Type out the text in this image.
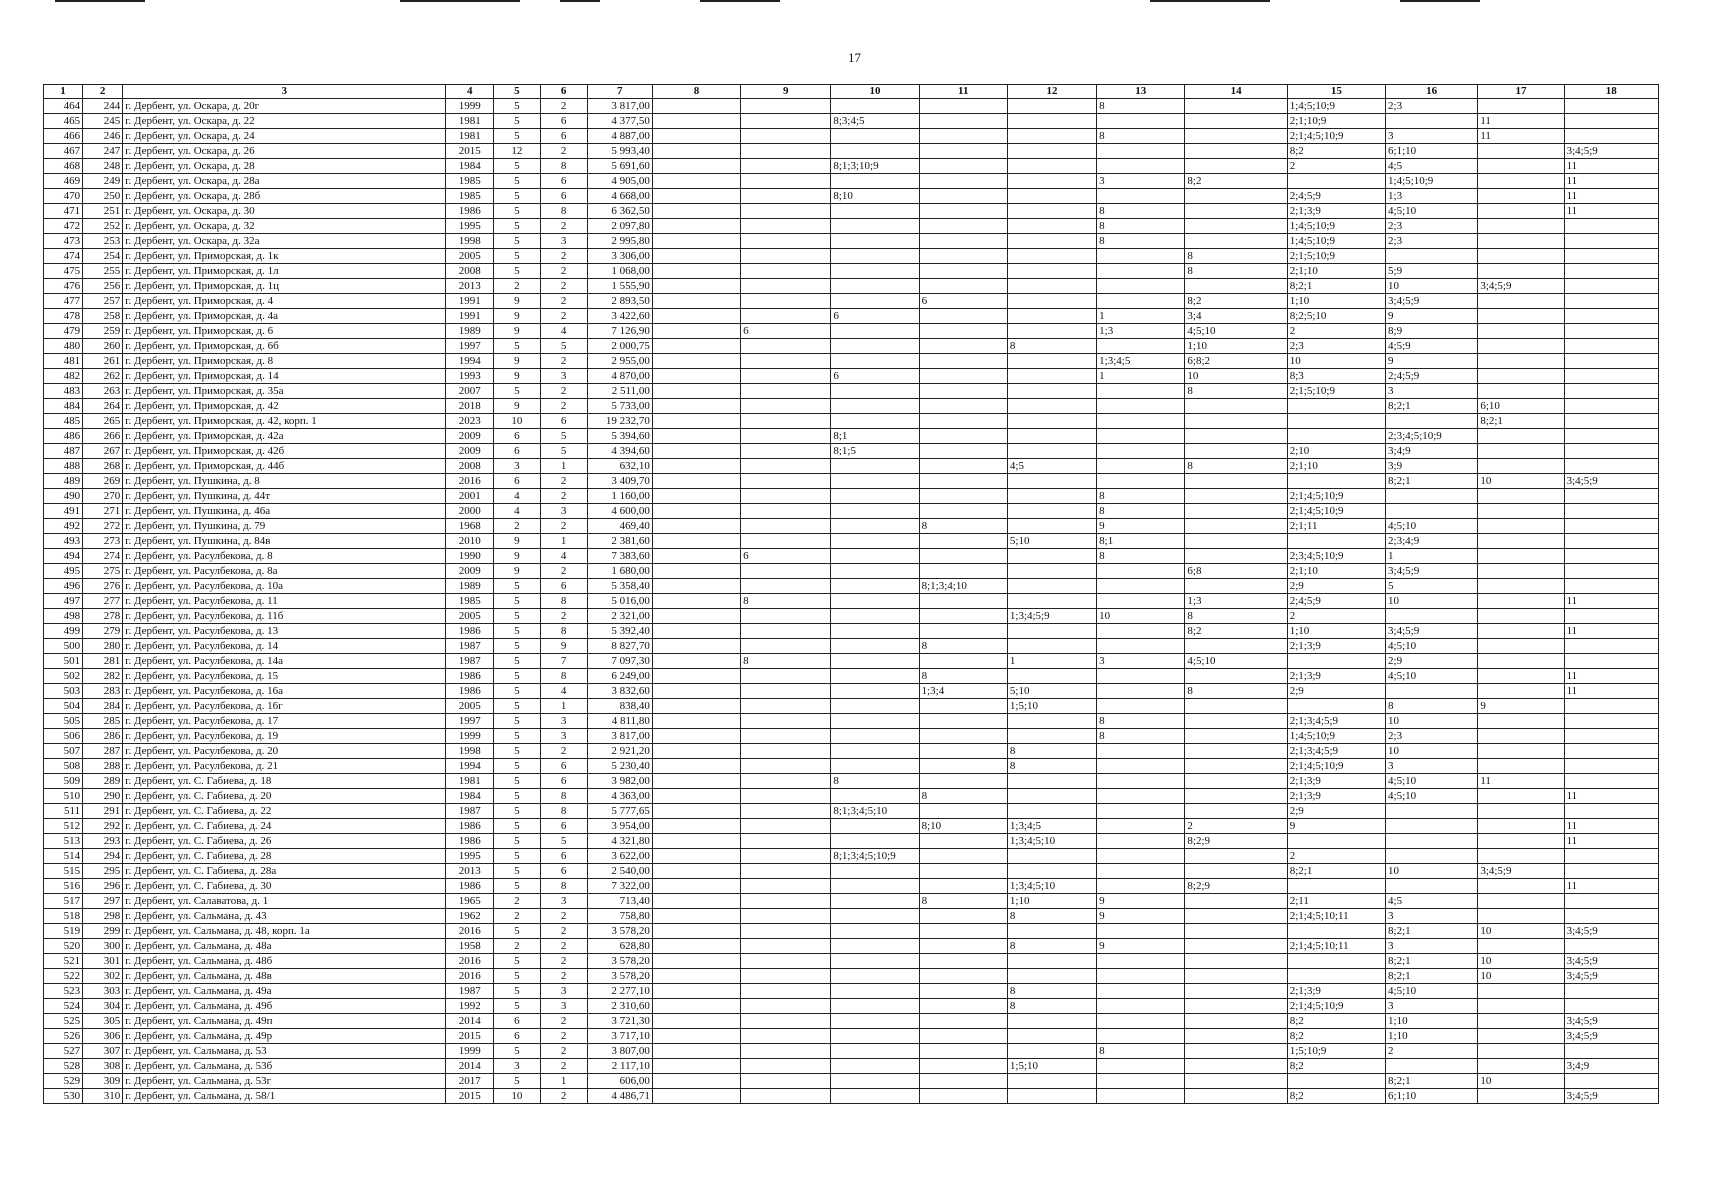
17
1	2	3	4	5	6	7	8	9	10	11	12	13	14	15	16	17	18
464	244	г. Дербент, ул. Оскара, д. 20г	1999	5	2	3 817,00						8		1;4;5;10;9	2;3		
465	245	г. Дербент, ул. Оскара, д. 22	1981	5	6	4 377,50			8;3;4;5					2;1;10;9		11	
466	246	г. Дербент, ул. Оскара, д. 24	1981	5	6	4 887,00						8		2;1;4;5;10;9	3	11	
467	247	г. Дербент, ул. Оскара, д. 26	2015	12	2	5 993,40								8;2	6;1;10		3;4;5;9
468	248	г. Дербент, ул. Оскара, д. 28	1984	5	8	5 691,60			8;1;3;10;9					2	4;5		11
469	249	г. Дербент, ул. Оскара, д. 28а	1985	5	6	4 905,00						3	8;2		1;4;5;10;9		11
470	250	г. Дербент, ул. Оскара, д. 28б	1985	5	6	4 668,00			8;10					2;4;5;9	1;3		11
471	251	г. Дербент, ул. Оскара, д. 30	1986	5	8	6 362,50						8		2;1;3;9	4;5;10		11
472	252	г. Дербент, ул. Оскара, д. 32	1995	5	2	2 097,80						8		1;4;5;10;9	2;3		
473	253	г. Дербент, ул. Оскара, д. 32а	1998	5	3	2 995,80						8		1;4;5;10;9	2;3		
474	254	г. Дербент, ул. Приморская, д. 1к	2005	5	2	3 306,00							8	2;1;5;10;9			
475	255	г. Дербент, ул. Приморская, д. 1л	2008	5	2	1 068,00							8	2;1;10	5;9		
476	256	г. Дербент, ул. Приморская, д. 1ц	2013	2	2	1 555,90								8;2;1	10	3;4;5;9	
477	257	г. Дербент, ул. Приморская, д. 4	1991	9	2	2 893,50				6			8;2	1;10	3;4;5;9		
478	258	г. Дербент, ул. Приморская, д. 4а	1991	9	2	3 422,60			6			1	3;4	8;2;5;10	9		
479	259	г. Дербент, ул. Приморская, д. 6	1989	9	4	7 126,90		6				1;3	4;5;10	2	8;9		
480	260	г. Дербент, ул. Приморская, д. 6б	1997	5	5	2 000,75					8		1;10	2;3	4;5;9		
481	261	г. Дербент, ул. Приморская, д. 8	1994	9	2	2 955,00						1;3;4;5	6;8;2	10	9		
482	262	г. Дербент, ул. Приморская, д. 14	1993	9	3	4 870,00			6			1	10	8;3	2;4;5;9		
483	263	г. Дербент, ул. Приморская, д. 35а	2007	5	2	2 511,00							8	2;1;5;10;9	3		
484	264	г. Дербент, ул. Приморская, д. 42	2018	9	2	5 733,00									8;2;1	6;10	
485	265	г. Дербент, ул. Приморская, д. 42, корп. 1	2023	10	6	19 232,70										8;2;1	
486	266	г. Дербент, ул. Приморская, д. 42а	2009	6	5	5 394,60			8;1						2;3;4;5;10;9		
487	267	г. Дербент, ул. Приморская, д. 42б	2009	6	5	4 394,60			8;1;5					2;10	3;4;9		
488	268	г. Дербент, ул. Приморская, д. 44б	2008	3	1	632,10					4;5		8	2;1;10	3;9		
489	269	г. Дербент, ул. Пушкина, д. 8	2016	6	2	3 409,70									8;2;1	10	3;4;5;9
490	270	г. Дербент, ул. Пушкина, д. 44т	2001	4	2	1 160,00						8		2;1;4;5;10;9			
491	271	г. Дербент, ул. Пушкина, д. 46а	2000	4	3	4 600,00						8		2;1;4;5;10;9			
492	272	г. Дербент, ул. Пушкина, д. 79	1968	2	2	469,40				8		9		2;1;11	4;5;10		
493	273	г. Дербент, ул. Пушкина, д. 84в	2010	9	1	2 381,60					5;10	8;1			2;3;4;9		
494	274	г. Дербент, ул. Расулбекова, д. 8	1990	9	4	7 383,60		6				8		2;3;4;5;10;9	1		
495	275	г. Дербент, ул. Расулбекова, д. 8а	2009	9	2	1 680,00							6;8	2;1;10	3;4;5;9		
496	276	г. Дербент, ул. Расулбекова, д. 10а	1989	5	6	5 358,40				8;1;3;4;10				2;9	5		
497	277	г. Дербент, ул. Расулбекова, д. 11	1985	5	8	5 016,00		8					1;3	2;4;5;9	10		11
498	278	г. Дербент, ул. Расулбекова, д. 11б	2005	5	2	2 321,00					1;3;4;5;9	10	8	2			
499	279	г. Дербент, ул. Расулбекова, д. 13	1986	5	8	5 392,40							8;2	1;10	3;4;5;9		11
500	280	г. Дербент, ул. Расулбекова, д. 14	1987	5	9	8 827,70				8				2;1;3;9	4;5;10		
501	281	г. Дербент, ул. Расулбекова, д. 14а	1987	5	7	7 097,30		8			1	3	4;5;10		2;9		
502	282	г. Дербент, ул. Расулбекова, д. 15	1986	5	8	6 249,00				8				2;1;3;9	4;5;10		11
503	283	г. Дербент, ул. Расулбекова, д. 16а	1986	5	4	3 832,60				1;3;4	5;10		8	2;9			11
504	284	г. Дербент, ул. Расулбекова, д. 16г	2005	5	1	838,40					1;5;10				8	9	
505	285	г. Дербент, ул. Расулбекова, д. 17	1997	5	3	4 811,80						8		2;1;3;4;5;9	10		
506	286	г. Дербент, ул. Расулбекова, д. 19	1999	5	3	3 817,00						8		1;4;5;10;9	2;3		
507	287	г. Дербент, ул. Расулбекова, д. 20	1998	5	2	2 921,20					8			2;1;3;4;5;9	10		
508	288	г. Дербент, ул. Расулбекова, д. 21	1994	5	6	5 230,40					8			2;1;4;5;10;9	3		
509	289	г. Дербент, ул. С. Габиева, д. 18	1981	5	6	3 982,00			8					2;1;3;9	4;5;10	11	
510	290	г. Дербент, ул. С. Габиева, д. 20	1984	5	8	4 363,00				8				2;1;3;9	4;5;10		11
511	291	г. Дербент, ул. С. Габиева, д. 22	1987	5	8	5 777,65			8;1;3;4;5;10					2;9			
512	292	г. Дербент, ул. С. Габиева, д. 24	1986	5	6	3 954,00				8;10	1;3;4;5		2	9			11
513	293	г. Дербент, ул. С. Габиева, д. 26	1986	5	5	4 321,80					1;3;4;5;10		8;2;9				11
514	294	г. Дербент, ул. С. Габиева, д. 28	1995	5	6	3 622,00			8;1;3;4;5;10;9					2			
515	295	г. Дербент, ул. С. Габиева, д. 28а	2013	5	6	2 540,00								8;2;1	10	3;4;5;9	
516	296	г. Дербент, ул. С. Габиева, д. 30	1986	5	8	7 322,00					1;3;4;5;10		8;2;9				11
517	297	г. Дербент, ул. Салаватова, д. 1	1965	2	3	713,40				8	1;10	9		2;11	4;5		
518	298	г. Дербент, ул. Сальмана, д. 43	1962	2	2	758,80					8	9		2;1;4;5;10;11	3		
519	299	г. Дербент, ул. Сальмана, д. 48, корп. 1а	2016	5	2	3 578,20									8;2;1	10	3;4;5;9
520	300	г. Дербент, ул. Сальмана, д. 48а	1958	2	2	628,80					8	9		2;1;4;5;10;11	3		
521	301	г. Дербент, ул. Сальмана, д. 48б	2016	5	2	3 578,20									8;2;1	10	3;4;5;9
522	302	г. Дербент, ул. Сальмана, д. 48в	2016	5	2	3 578,20									8;2;1	10	3;4;5;9
523	303	г. Дербент, ул. Сальмана, д. 49а	1987	5	3	2 277,10					8			2;1;3;9	4;5;10		
524	304	г. Дербент, ул. Сальмана, д. 49б	1992	5	3	2 310,60					8			2;1;4;5;10;9	3		
525	305	г. Дербент, ул. Сальмана, д. 49п	2014	6	2	3 721,30								8;2	1;10		3;4;5;9
526	306	г. Дербент, ул. Сальмана, д. 49р	2015	6	2	3 717,10								8;2	1;10		3;4;5;9
527	307	г. Дербент, ул. Сальмана, д. 53	1999	5	2	3 807,00						8		1;5;10;9	2		
528	308	г. Дербент, ул. Сальмана, д. 53б	2014	3	2	2 117,10					1;5;10			8;2			3;4;9
529	309	г. Дербент, ул. Сальмана, д. 53г	2017	5	1	606,00									8;2;1	10	
530	310	г. Дербент, ул. Сальмана, д. 58/1	2015	10	2	4 486,71								8;2	6;1;10		3;4;5;9
